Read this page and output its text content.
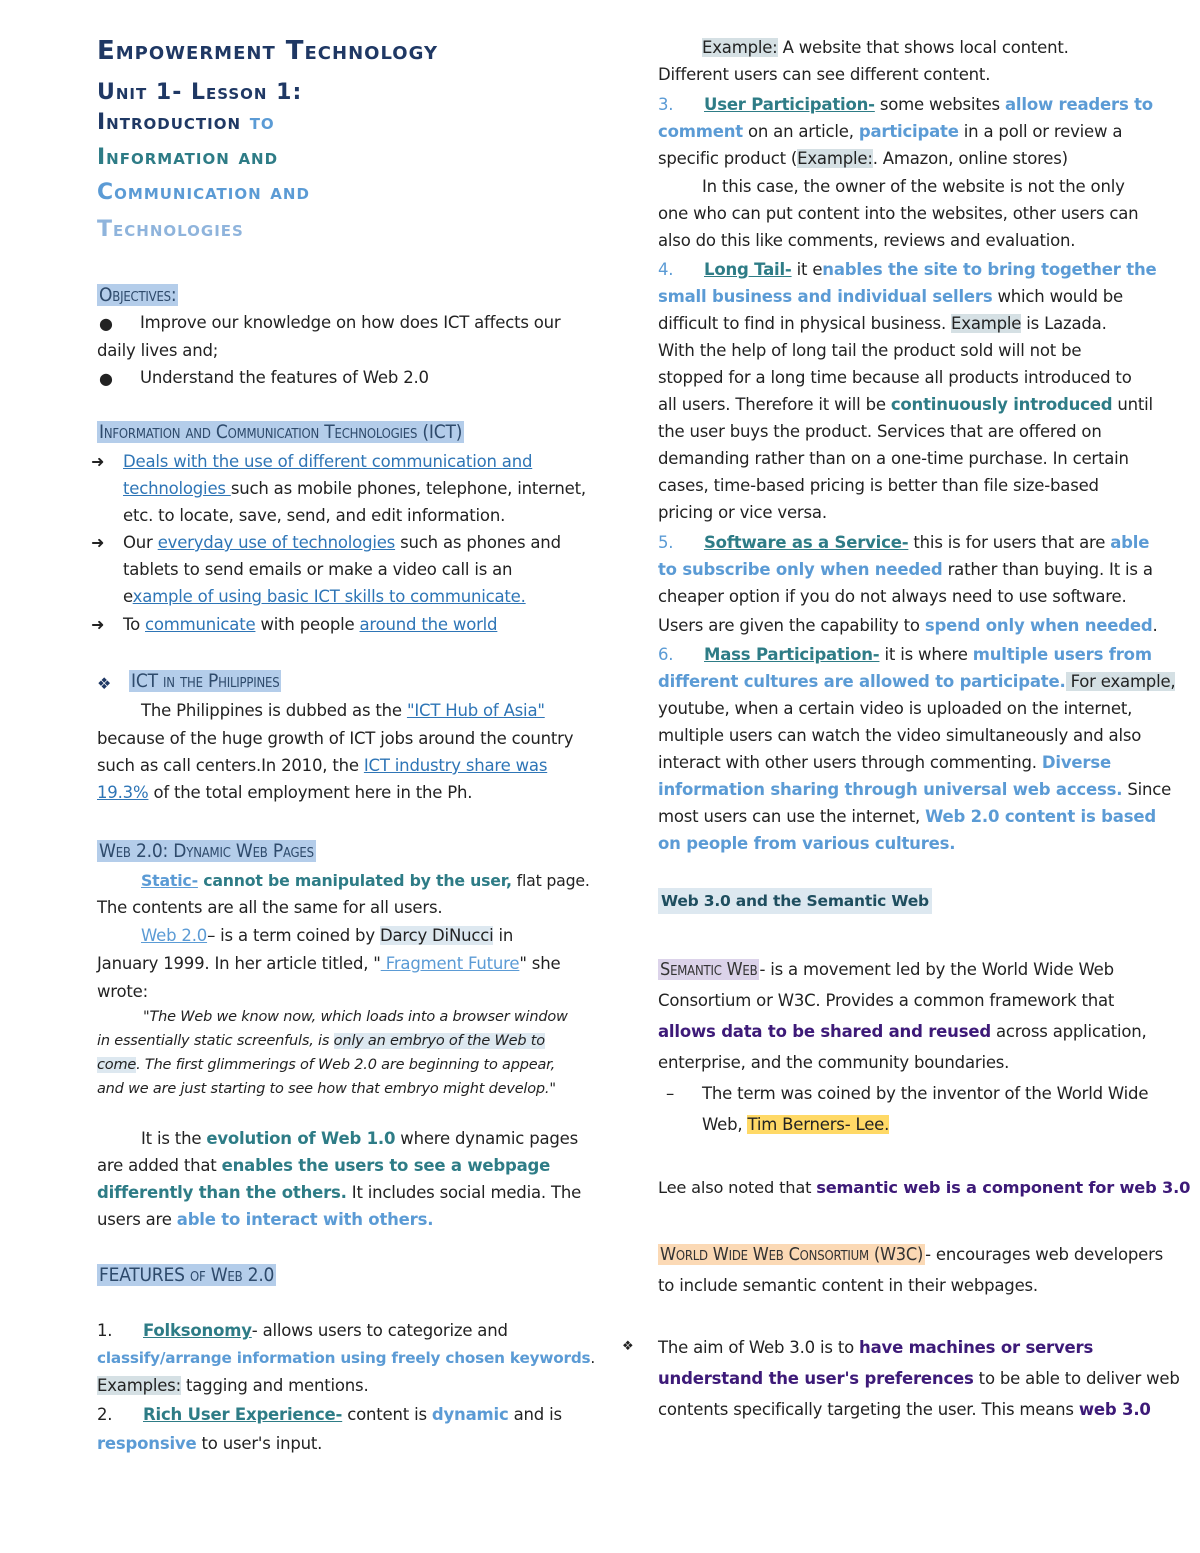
Empowerment Technology
Unit 1- Lesson 1:
Introduction to
Information and
Communication and
Technologies
Objectives:
● Improve our knowledge on how does ICT affects our
daily lives and;
● Understand the features of Web 2.0
Information and Communication Technologies (ICT)
➜ Deals with the use of different communication and
technologies such as mobile phones, telephone, internet,
etc. to locate, save, send, and edit information.
➜ Our everyday use of technologies such as phones and
tablets to send emails or make a video call is an
example of using basic ICT skills to communicate.
➜ To communicate with people around the world
❖ ICT in the Philippines
The Philippines is dubbed as the "ICT Hub of Asia"
because of the huge growth of ICT jobs around the country
such as call centers.In 2010, the ICT industry share was
19.3% of the total employment here in the Ph.
Web 2.0: Dynamic Web Pages
Static- cannot be manipulated by the user, flat page.
The contents are all the same for all users.
Web 2.0– is a term coined by Darcy DiNucci in
January 1999. In her article titled, " Fragment Future" she
wrote:
"The Web we know now, which loads into a browser window
in essentially static screenfuls, is only an embryo of the Web to
come. The first glimmerings of Web 2.0 are beginning to appear,
and we are just starting to see how that embryo might develop."
It is the evolution of Web 1.0 where dynamic pages
are added that enables the users to see a webpage
differently than the others. It includes social media. The
users are able to interact with others.
FEATURES of Web 2.0
1. Folksonomy- allows users to categorize and
classify/arrange information using freely chosen keywords.
Examples: tagging and mentions.
2. Rich User Experience- content is dynamic and is
responsive to user's input.
Example: A website that shows local content.
Different users can see different content.
3. User Participation- some websites allow readers to
comment on an article, participate in a poll or review a
specific product (Example:. Amazon, online stores)
In this case, the owner of the website is not the only
one who can put content into the websites, other users can
also do this like comments, reviews and evaluation.
4. Long Tail- it enables the site to bring together the
small business and individual sellers which would be
difficult to find in physical business. Example is Lazada.
With the help of long tail the product sold will not be
stopped for a long time because all products introduced to
all users. Therefore it will be continuously introduced until
the user buys the product. Services that are offered on
demanding rather than on a one-time purchase. In certain
cases, time-based pricing is better than file size-based
pricing or vice versa.
5. Software as a Service- this is for users that are able
to subscribe only when needed rather than buying. It is a
cheaper option if you do not always need to use software.
Users are given the capability to spend only when needed.
6. Mass Participation- it is where multiple users from
different cultures are allowed to participate. For example,
youtube, when a certain video is uploaded on the internet,
multiple users can watch the video simultaneously and also
interact with other users through commenting. Diverse
information sharing through universal web access. Since
most users can use the internet, Web 2.0 content is based
on people from various cultures.
Web 3.0 and the Semantic Web
Semantic Web - is a movement led by the World Wide Web
Consortium or W3C. Provides a common framework that
allows data to be shared and reused across application,
enterprise, and the community boundaries.
– The term was coined by the inventor of the World Wide
Web, Tim Berners- Lee.
Lee also noted that semantic web is a component for web 3.0
World Wide Web Consortium (W3C) - encourages web developers
to include semantic content in their webpages.
❖ The aim of Web 3.0 is to have machines or servers
understand the user's preferences to be able to deliver web
contents specifically targeting the user. This means web 3.0
